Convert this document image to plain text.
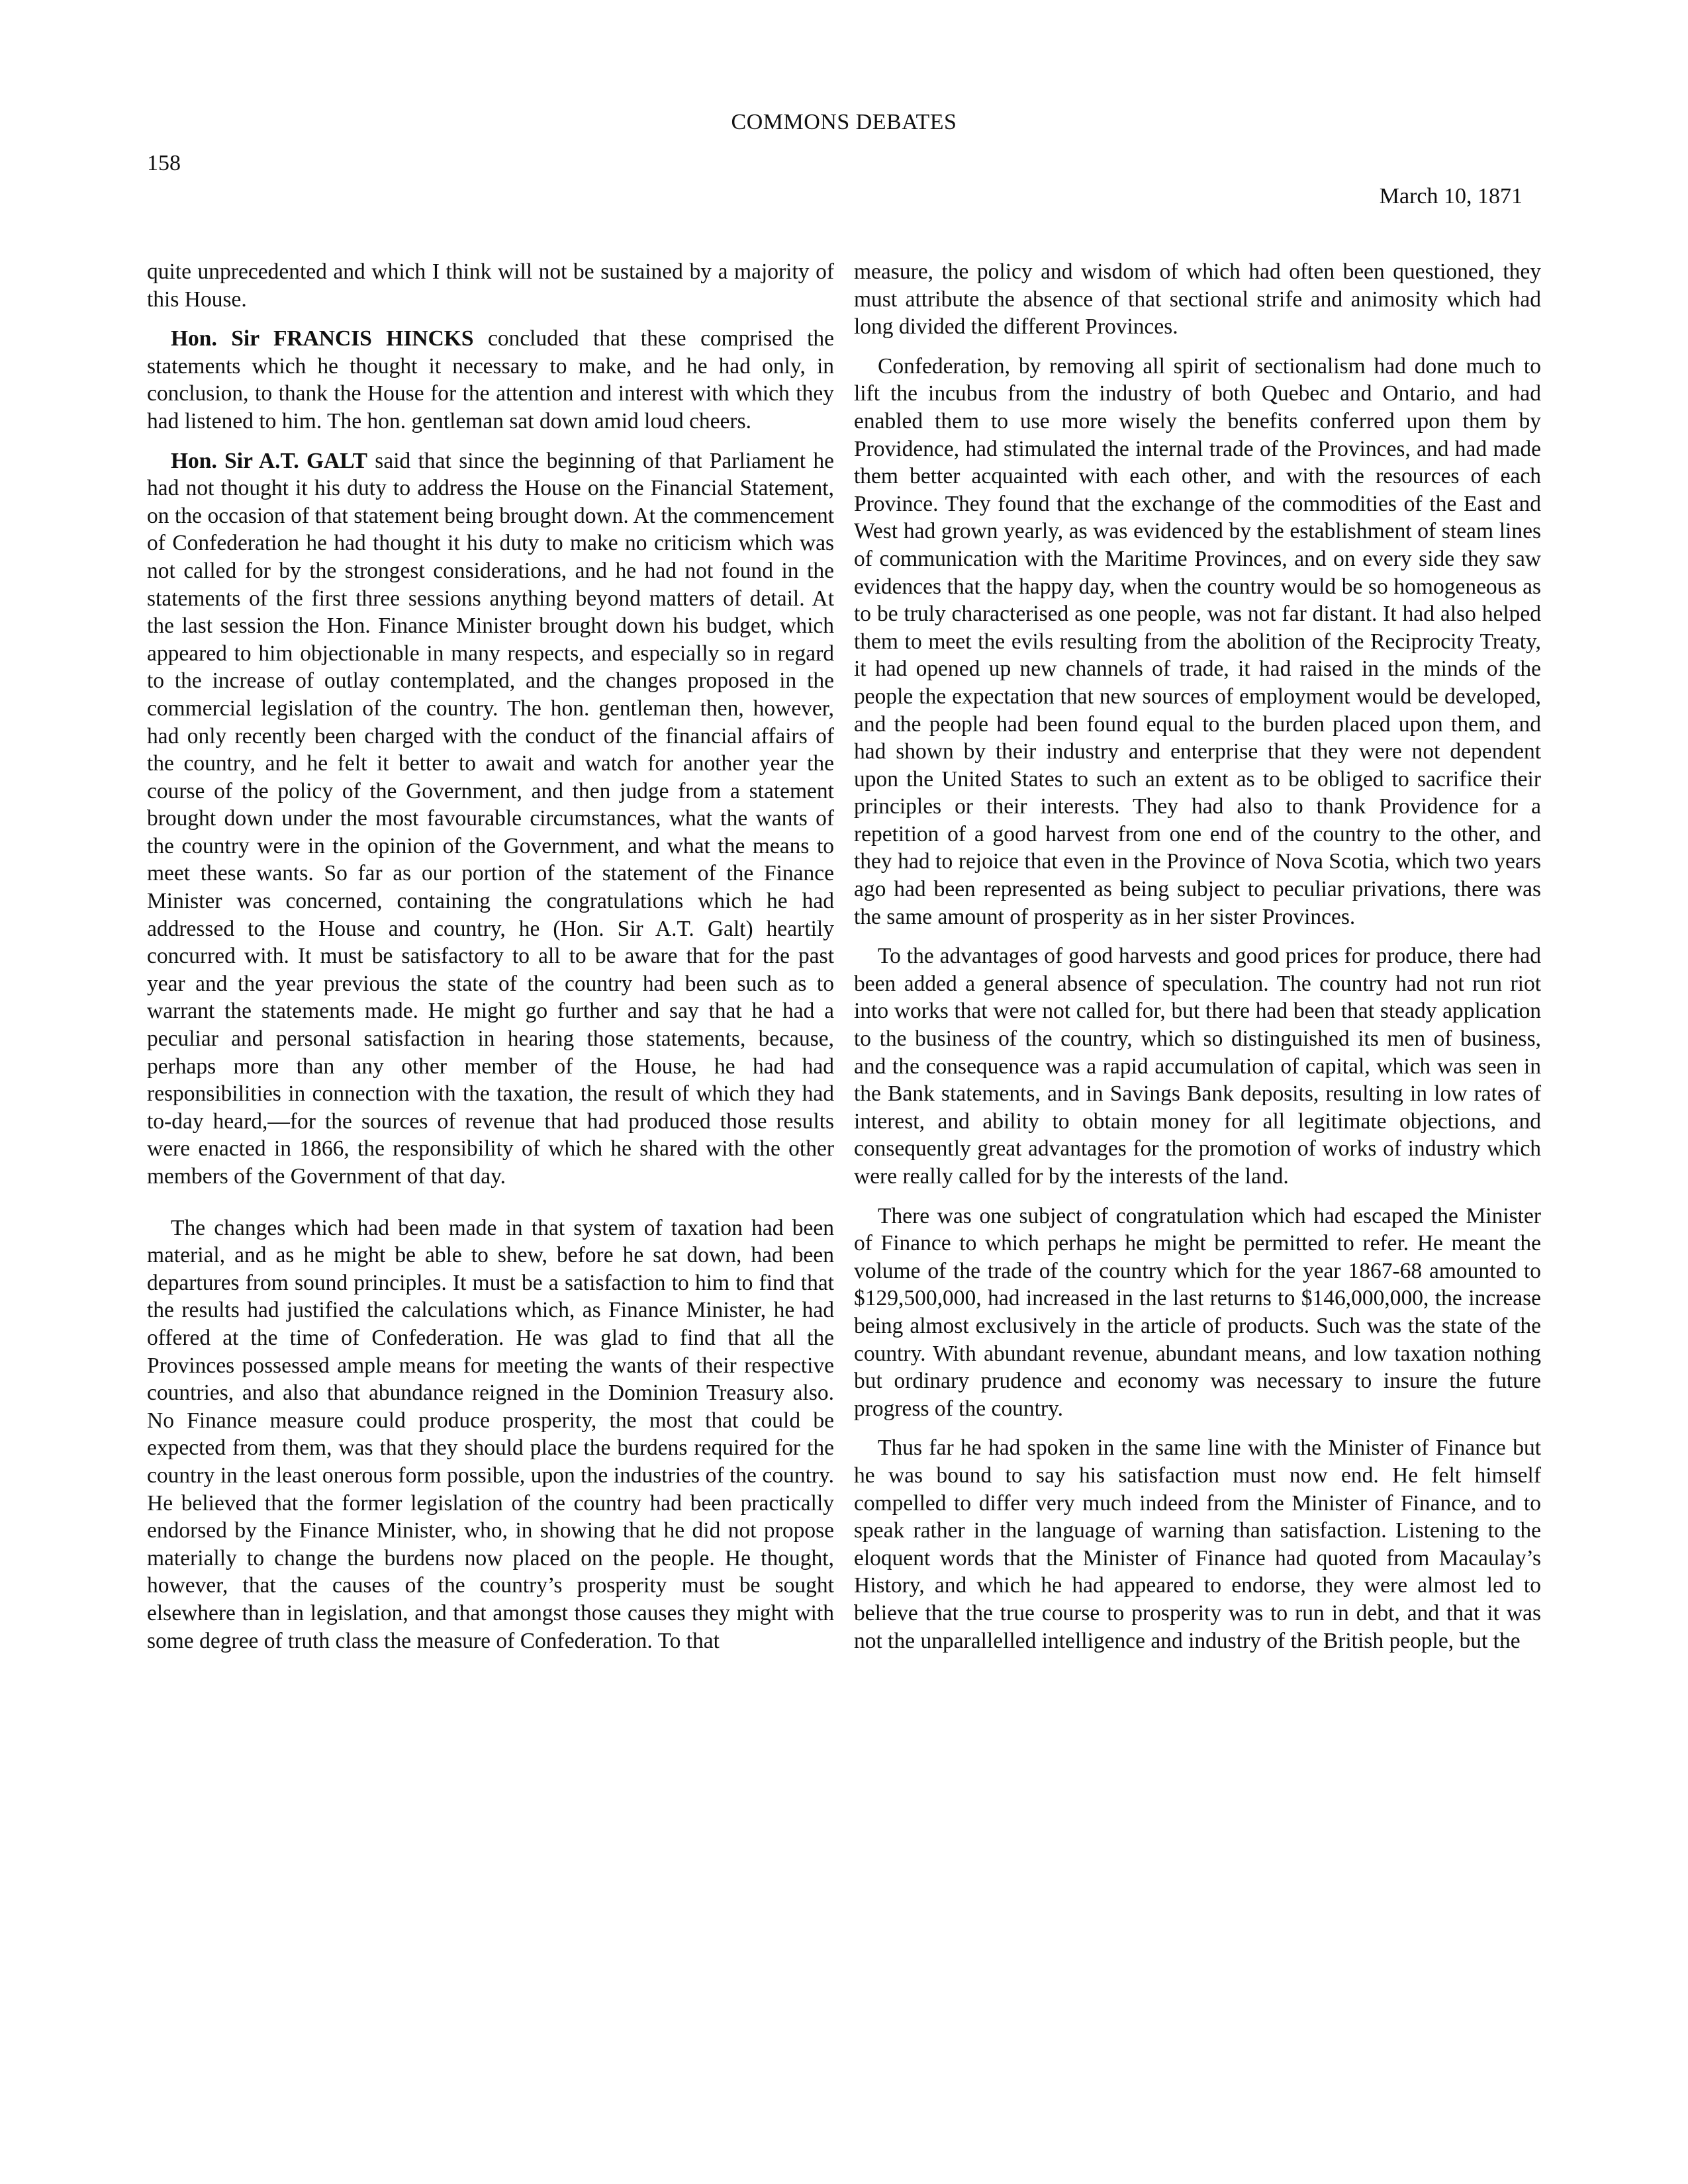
COMMONS DEBATES
158
March 10, 1871

quite unprecedented and which I think will not be sustained by a majority of this House.

Hon. Sir FRANCIS HINCKS concluded that these comprised the statements which he thought it necessary to make, and he had only, in conclusion, to thank the House for the attention and interest with which they had listened to him. The hon. gentleman sat down amid loud cheers.

Hon. Sir A.T. GALT said that since the beginning of that Parliament he had not thought it his duty to address the House on the Financial Statement, on the occasion of that statement being brought down. At the commencement of Confederation he had thought it his duty to make no criticism which was not called for by the strongest considerations, and he had not found in the statements of the first three sessions anything beyond matters of detail. At the last session the Hon. Finance Minister brought down his budget, which appeared to him objectionable in many respects, and especially so in regard to the increase of outlay contemplated, and the changes proposed in the commercial legislation of the country. The hon. gentleman then, however, had only recently been charged with the conduct of the financial affairs of the country, and he felt it better to await and watch for another year the course of the policy of the Government, and then judge from a statement brought down under the most favourable circumstances, what the wants of the country were in the opinion of the Government, and what the means to meet these wants. So far as our portion of the statement of the Finance Minister was concerned, containing the congratulations which he had addressed to the House and country, he (Hon. Sir A.T. Galt) heartily concurred with. It must be satisfactory to all to be aware that for the past year and the year previous the state of the country had been such as to warrant the statements made. He might go further and say that he had a peculiar and personal satisfaction in hearing those statements, because, perhaps more than any other member of the House, he had had responsibilities in connection with the taxation, the result of which they had to-day heard,—for the sources of revenue that had produced those results were enacted in 1866, the responsibility of which he shared with the other members of the Government of that day.

The changes which had been made in that system of taxation had been material, and as he might be able to shew, before he sat down, had been departures from sound principles. It must be a satisfaction to him to find that the results had justified the calculations which, as Finance Minister, he had offered at the time of Confederation. He was glad to find that all the Provinces possessed ample means for meeting the wants of their respective countries, and also that abundance reigned in the Dominion Treasury also. No Finance measure could produce prosperity, the most that could be expected from them, was that they should place the burdens required for the country in the least onerous form possible, upon the industries of the country. He believed that the former legislation of the country had been practically endorsed by the Finance Minister, who, in showing that he did not propose materially to change the burdens now placed on the people. He thought, however, that the causes of the country’s prosperity must be sought elsewhere than in legislation, and that amongst those causes they might with some degree of truth class the measure of Confederation. To that

measure, the policy and wisdom of which had often been questioned, they must attribute the absence of that sectional strife and animosity which had long divided the different Provinces.

Confederation, by removing all spirit of sectionalism had done much to lift the incubus from the industry of both Quebec and Ontario, and had enabled them to use more wisely the benefits conferred upon them by Providence, had stimulated the internal trade of the Provinces, and had made them better acquainted with each other, and with the resources of each Province. They found that the exchange of the commodities of the East and West had grown yearly, as was evidenced by the establishment of steam lines of communication with the Maritime Provinces, and on every side they saw evidences that the happy day, when the country would be so homogeneous as to be truly characterised as one people, was not far distant. It had also helped them to meet the evils resulting from the abolition of the Reciprocity Treaty, it had opened up new channels of trade, it had raised in the minds of the people the expectation that new sources of employment would be developed, and the people had been found equal to the burden placed upon them, and had shown by their industry and enterprise that they were not dependent upon the United States to such an extent as to be obliged to sacrifice their principles or their interests. They had also to thank Providence for a repetition of a good harvest from one end of the country to the other, and they had to rejoice that even in the Province of Nova Scotia, which two years ago had been represented as being subject to peculiar privations, there was the same amount of prosperity as in her sister Provinces.

To the advantages of good harvests and good prices for produce, there had been added a general absence of speculation. The country had not run riot into works that were not called for, but there had been that steady application to the business of the country, which so distinguished its men of business, and the consequence was a rapid accumulation of capital, which was seen in the Bank statements, and in Savings Bank deposits, resulting in low rates of interest, and ability to obtain money for all legitimate objections, and consequently great advantages for the promotion of works of industry which were really called for by the interests of the land.

There was one subject of congratulation which had escaped the Minister of Finance to which perhaps he might be permitted to refer. He meant the volume of the trade of the country which for the year 1867-68 amounted to $129,500,000, had increased in the last returns to $146,000,000, the increase being almost exclusively in the article of products. Such was the state of the country. With abundant revenue, abundant means, and low taxation nothing but ordinary prudence and economy was necessary to insure the future progress of the country.

Thus far he had spoken in the same line with the Minister of Finance but he was bound to say his satisfaction must now end. He felt himself compelled to differ very much indeed from the Minister of Finance, and to speak rather in the language of warning than satisfaction. Listening to the eloquent words that the Minister of Finance had quoted from Macaulay’s History, and which he had appeared to endorse, they were almost led to believe that the true course to prosperity was to run in debt, and that it was not the unparallelled intelligence and industry of the British people, but the
